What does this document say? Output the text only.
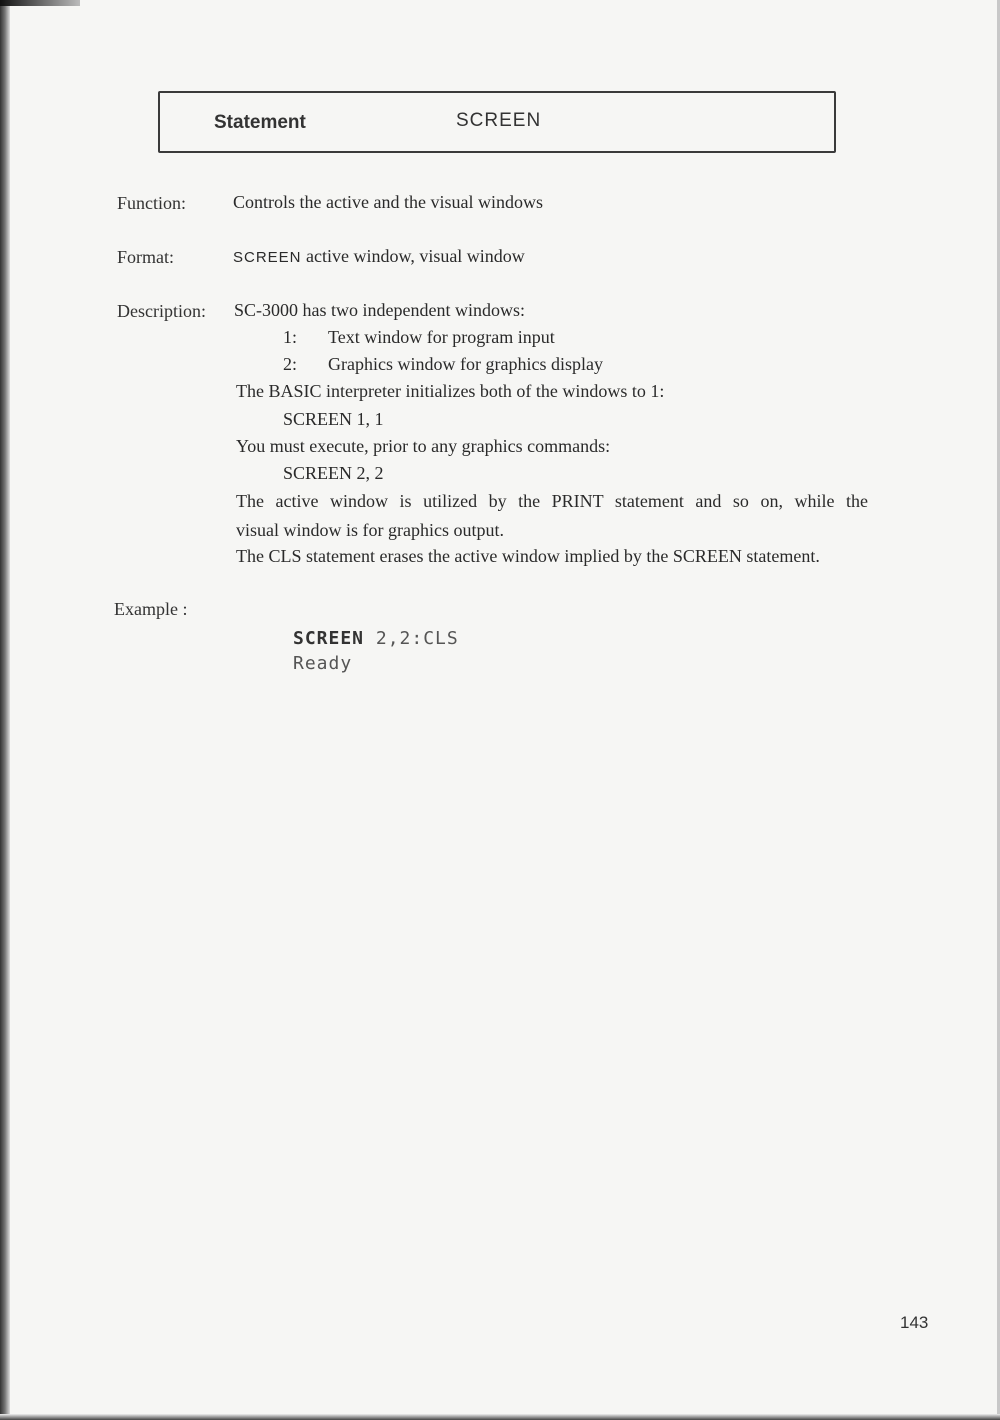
Statement	SCREEN
Function:	Controls the active and the visual windows
Format:	SCREEN active window, visual window
Description: SC-3000 has two independent windows:
1: Text window for program input
2: Graphics window for graphics display
The BASIC interpreter initializes both of the windows to 1:
SCREEN 1, 1
You must execute, prior to any graphics commands:
SCREEN 2, 2
The active window is utilized by the PRINT statement and so on, while the
visual window is for graphics output.
The CLS statement erases the active window implied by the SCREEN statement.
Example :
SCREEN 2,2:CLS
Ready
143
